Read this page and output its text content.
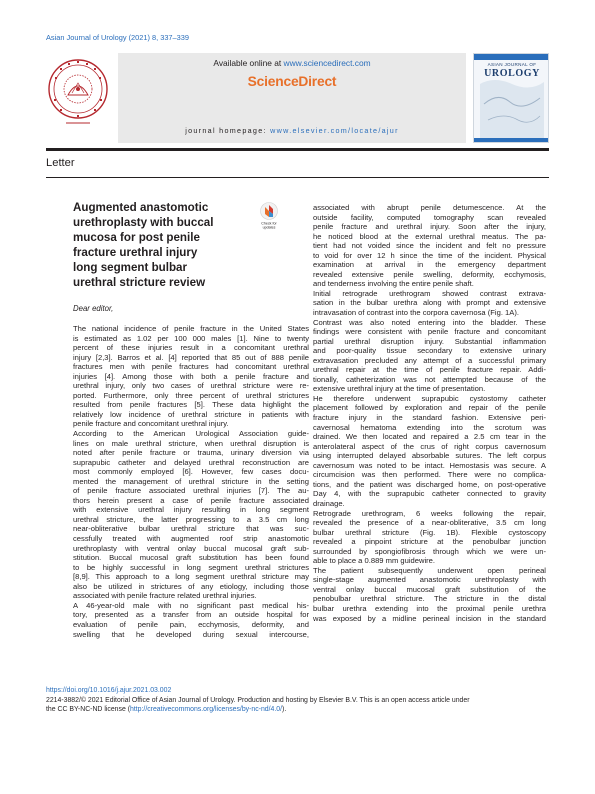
Asian Journal of Urology (2021) 8, 337–339
Available online at www.sciencedirect.com
ScienceDirect
journal homepage: www.elsevier.com/locate/ajur
ASIAN JOURNAL OF
UROLOGY
Letter
Augmented anastomotic
urethroplasty with buccal
mucosa for post penile
fracture urethral injury
long segment bulbar
urethral stricture review
Check for
updates
Dear editor,
The national incidence of penile fracture in the United States
is estimated as 1.02 per 100 000 males [1]. Nine to twenty
percent of these injuries result in a concomitant urethral
injury [2,3]. Barros et al. [4] reported that 85 out of 888 penile
fractures men with penile fractures had concomitant urethral
injuries [4]. Among those with both a penile fracture and
urethral injury, only two cases of urethral stricture were re-
ported. Furthermore, only three percent of urethral strictures
resulted from penile fractures [5]. These data highlight the
relatively low incidence of urethral stricture in patients with
penile fracture and concomitant urethral injury.
According to the American Urological Association guide-
lines on male urethral stricture, when urethral disruption is
noted after penile fracture or trauma, urinary diversion via
suprapubic catheter and delayed urethral reconstruction are
most commonly employed [6]. However, few cases docu-
mented the management of urethral stricture in the setting
of penile fracture associated urethral injuries [7]. The au-
thors herein present a case of penile fracture associated
with extensive urethral injury resulting in long segment
urethral stricture, the latter progressing to a 3.5 cm long
near-obliterative bulbar urethral stricture that was suc-
cessfully treated with augmented roof strip anastomotic
urethroplasty with ventral onlay buccal mucosal graft sub-
stitution. Buccal mucosal graft substitution has been found
to be highly successful in long segment urethral strictures
[8,9]. This approach to a long segment urethral stricture may
also be utilized in strictures of any etiology, including those
associated with penile fracture related urethral injuries.
A 46-year-old male with no significant past medical his-
tory, presented as a transfer from an outside hospital for
evaluation of penile pain, ecchymosis, deformity, and
swelling that he developed during sexual intercourse,
associated with abrupt penile detumescence. At the
outside facility, computed tomography scan revealed
penile fracture and urethral injury. Soon after the injury,
he noticed blood at the external urethral meatus. The pa-
tient had not voided since the incident and felt no pressure
to void for over 12 h since the time of the incident. Physical
examination at arrival in the emergency department
revealed extensive penile swelling, deformity, ecchymosis,
and tenderness involving the entire penile shaft.
Initial retrograde urethrogram showed contrast extrava-
sation in the bulbar urethra along with prompt and extensive
intravasation of contrast into the corpora cavernosa (Fig. 1A).
Contrast was also noted entering into the bladder. These
findings were consistent with penile fracture and concomitant
partial urethral disruption injury. Substantial inflammation
and poor-quality tissue secondary to extensive urinary
extravasation precluded any attempt of a successful primary
urethral repair at the time of penile fracture repair. Addi-
tionally, catheterization was not attempted because of the
extensive urethral injury at the time of presentation.
He therefore underwent suprapubic cystostomy catheter
placement followed by exploration and repair of the penile
fracture injury in the standard fashion. Extensive peri-
cavernosal hematoma extending into the scrotum was
drained. We then located and repaired a 2.5 cm tear in the
anterolateral aspect of the crus of right corpus cavernosum
using interrupted delayed absorbable sutures. The left corpus
cavernosum was noted to be intact. Hemostasis was secure. A
circumcision was then performed. There were no complica-
tions, and the patient was discharged home, on post-operative
Day 4, with the suprapubic catheter connected to gravity
drainage.
Retrograde urethrogram, 6 weeks following the repair,
revealed the presence of a near-obliterative, 3.5 cm long
bulbar urethral stricture (Fig. 1B). Flexible cystoscopy
revealed a pinpoint stricture at the penobulbar junction
surrounded by spongiofibrosis through which we were un-
able to place a 0.889 mm guidewire.
The patient subsequently underwent open perineal
single-stage augmented anastomotic urethroplasty with
ventral onlay buccal mucosal graft substitution of the
penobulbar urethral stricture. The stricture in the distal
bulbar urethra extending into the proximal penile urethra
was exposed by a midline perineal incision in the standard
https://doi.org/10.1016/j.ajur.2021.03.002
2214-3882/© 2021 Editorial Office of Asian Journal of Urology. Production and hosting by Elsevier B.V. This is an open access article under
the CC BY-NC-ND license (http://creativecommons.org/licenses/by-nc-nd/4.0/).
